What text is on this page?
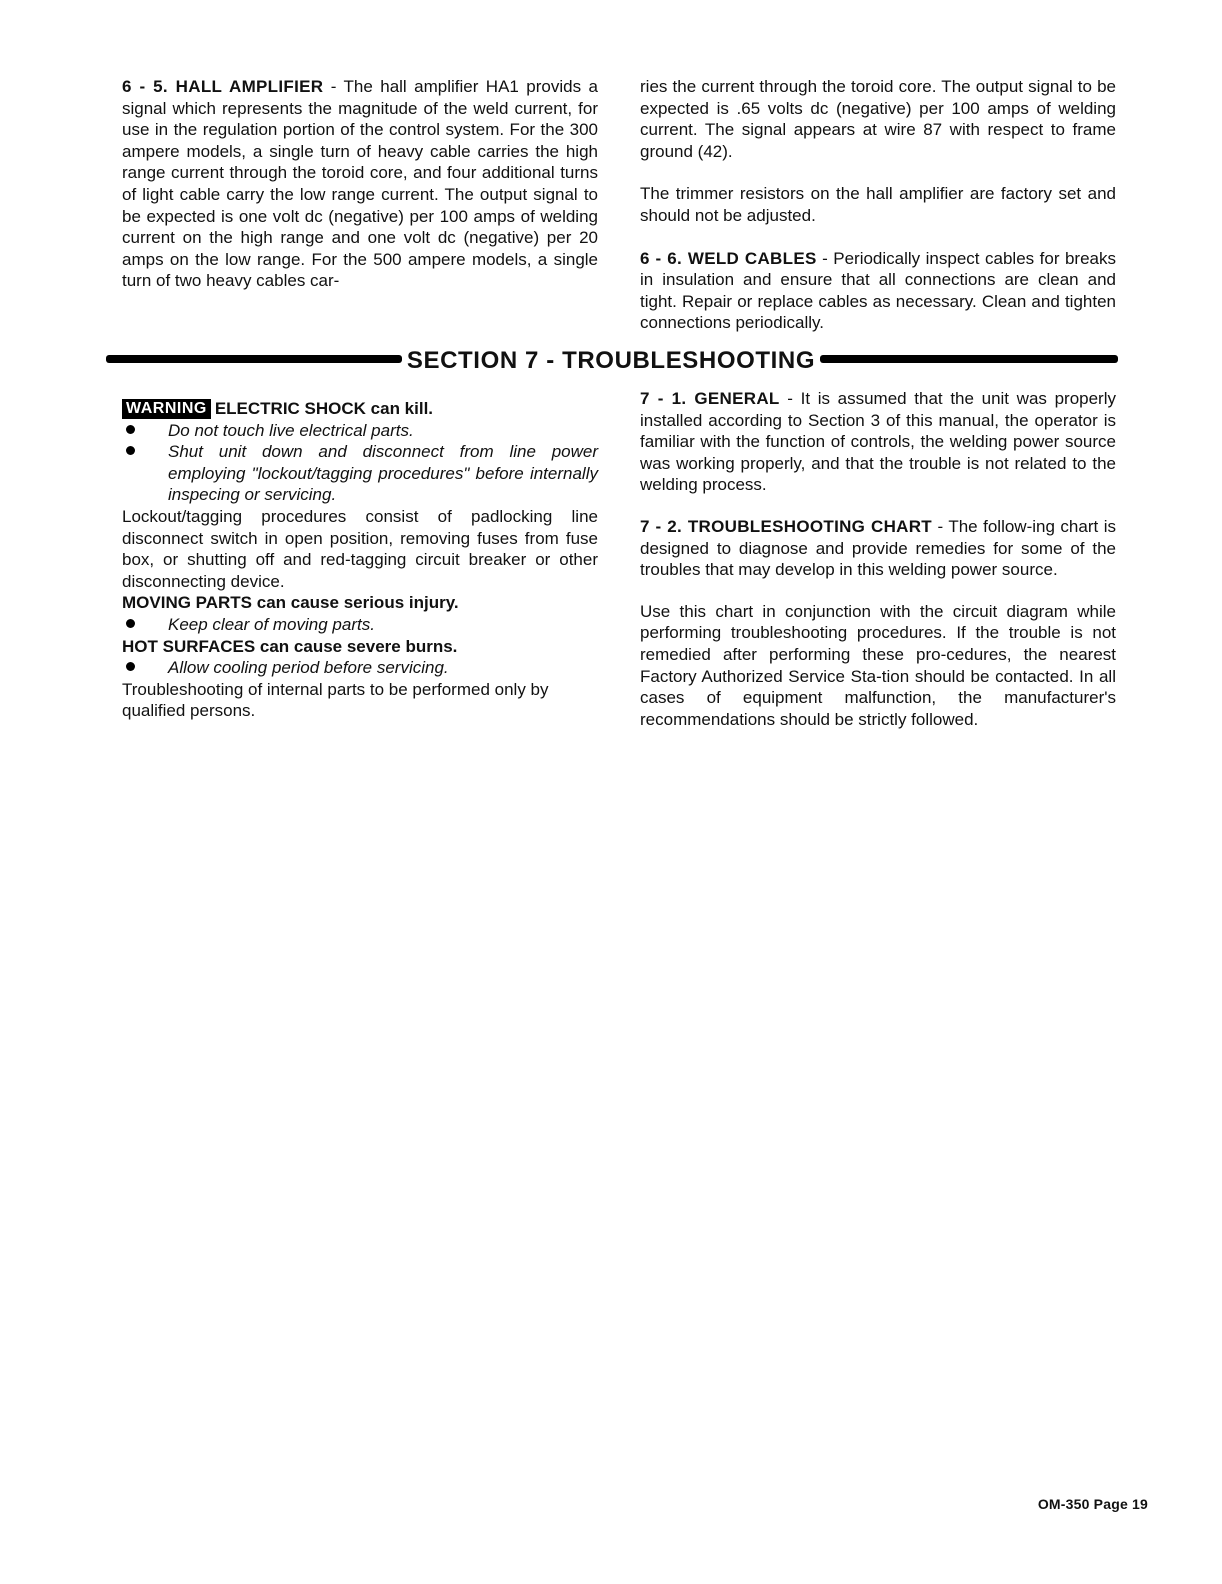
6 - 5. HALL AMPLIFIER - The hall amplifier HA1 provids a signal which represents the magnitude of the weld current, for use in the regulation portion of the control system. For the 300 ampere models, a single turn of heavy cable carries the high range current through the toroid core, and four additional turns of light cable carry the low range current. The output signal to be expected is one volt dc (negative) per 100 amps of welding current on the high range and one volt dc (negative) per 20 amps on the low range. For the 500 ampere models, a single turn of two heavy cables car-

ries the current through the toroid core. The output signal to be expected is .65 volts dc (negative) per 100 amps of welding current. The signal appears at wire 87 with respect to frame ground (42).

The trimmer resistors on the hall amplifier are factory set and should not be adjusted.

6 - 6. WELD CABLES - Periodically inspect cables for breaks in insulation and ensure that all connections are clean and tight. Repair or replace cables as necessary. Clean and tighten connections periodically.

SECTION 7 - TROUBLESHOOTING

WARNING ELECTRIC SHOCK can kill.

Do not touch live electrical parts.
Shut unit down and disconnect from line power employing "lockout/tagging procedures" before internally inspecing or servicing.

Lockout/tagging procedures consist of padlocking line disconnect switch in open position, removing fuses from fuse box, or shutting off and red-tagging circuit breaker or other disconnecting device.

MOVING PARTS can cause serious injury.

Keep clear of moving parts.

HOT SURFACES can cause severe burns.

Allow cooling period before servicing.

Troubleshooting of internal parts to be performed only by qualified persons.

7 - 1. GENERAL - It is assumed that the unit was properly installed according to Section 3 of this manual, the operator is familiar with the function of controls, the welding power source was working properly, and that the trouble is not related to the welding process.

7 - 2. TROUBLESHOOTING CHART - The follow-ing chart is designed to diagnose and provide remedies for some of the troubles that may develop in this welding power source.

Use this chart in conjunction with the circuit diagram while performing troubleshooting procedures. If the trouble is not remedied after performing these pro-cedures, the nearest Factory Authorized Service Sta-tion should be contacted. In all cases of equipment malfunction, the manufacturer's recommendations should be strictly followed.

OM-350 Page 19
